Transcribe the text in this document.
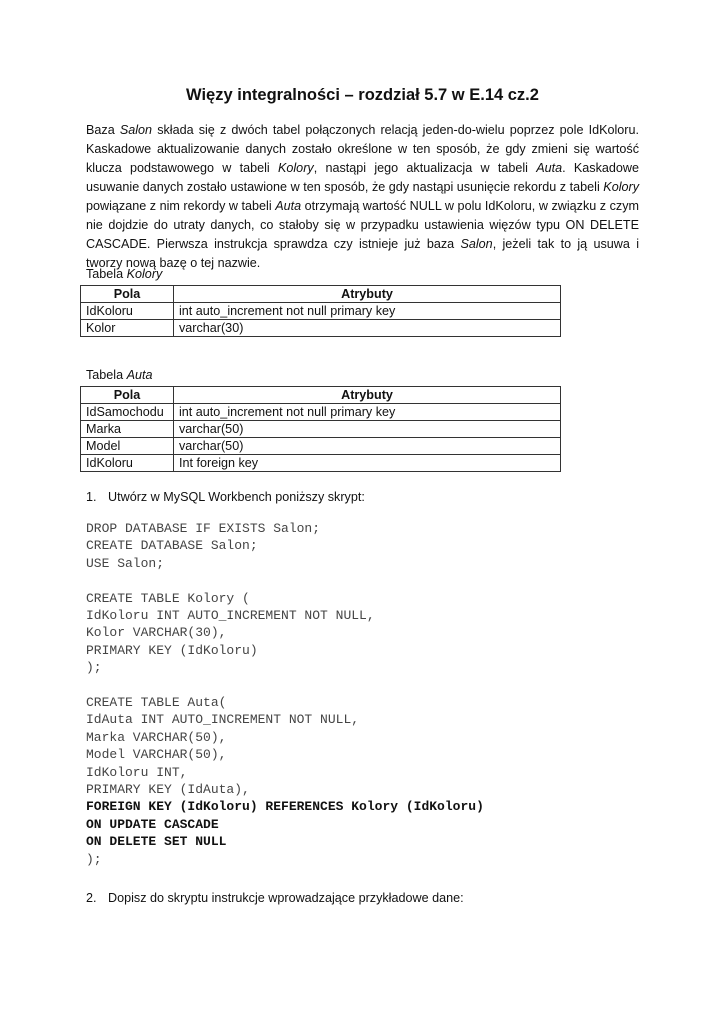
Więzy integralności – rozdział 5.7 w E.14 cz.2

Baza Salon składa się z dwóch tabel połączonych relacją jeden-do-wielu poprzez pole IdKoloru. Kaskadowe aktualizowanie danych zostało określone w ten sposób, że gdy zmieni się wartość klucza podstawowego w tabeli Kolory, nastąpi jego aktualizacja w tabeli Auta. Kaskadowe usuwanie danych zostało ustawione w ten sposób, że gdy nastąpi usunięcie rekordu z tabeli Kolory powiązane z nim rekordy w tabeli Auta otrzymają wartość NULL w polu IdKoloru, w związku z czym nie dojdzie do utraty danych, co stałoby się w przypadku ustawienia więzów typu ON DELETE CASCADE. Pierwsza instrukcja sprawdza czy istnieje już baza Salon, jeżeli tak to ją usuwa i tworzy nową bazę o tej nazwie.

Tabela Kolory

Pola	Atrybuty
IdKoloru	int auto_increment not null primary key
Kolor	varchar(30)

Tabela Auta

Pola	Atrybuty
IdSamochodu	int auto_increment not null primary key
Marka	varchar(50)
Model	varchar(50)
IdKoloru	Int foreign key

1. Utwórz w MySQL Workbench poniższy skrypt:

DROP DATABASE IF EXISTS Salon;
CREATE DATABASE Salon;
USE Salon;
CREATE TABLE Kolory (
IdKoloru INT AUTO_INCREMENT NOT NULL,
Kolor VARCHAR(30),
PRIMARY KEY (IdKoloru)
);
CREATE TABLE Auta(
IdAuta INT AUTO_INCREMENT NOT NULL,
Marka VARCHAR(50),
Model VARCHAR(50),
IdKoloru INT,
PRIMARY KEY (IdAuta),
FOREIGN KEY (IdKoloru) REFERENCES Kolory (IdKoloru)
ON UPDATE CASCADE
ON DELETE SET NULL
);

2. Dopisz do skryptu instrukcje wprowadzające przykładowe dane:
